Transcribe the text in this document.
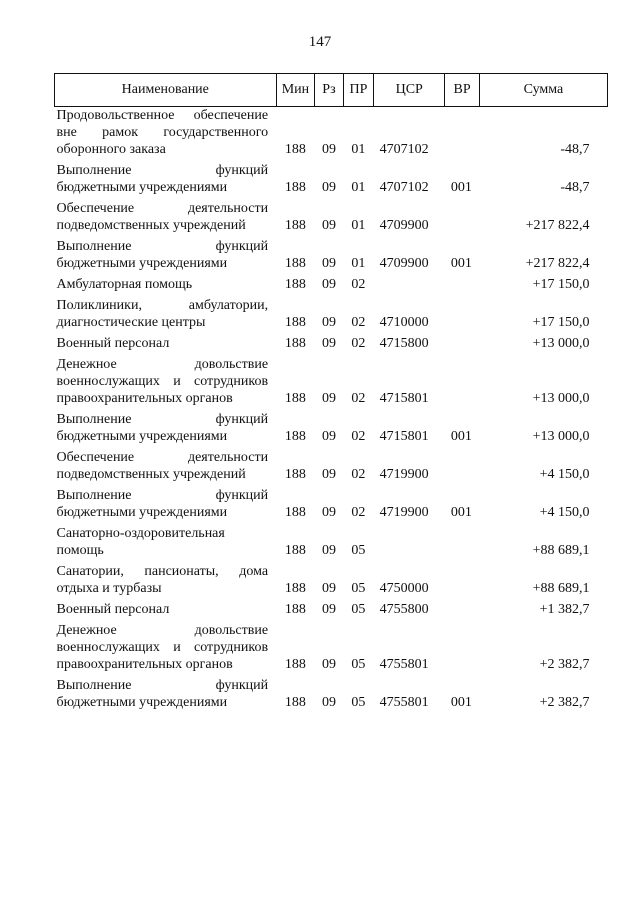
147
Наименование	Мин	Рз	ПР	ЦСР	ВР	Сумма
Продовольственное обеспечение вне рамок государственного оборонного заказа	188	09	01	4707102		-48,7
Выполнение функций бюджетными учреждениями	188	09	01	4707102	001	-48,7
Обеспечение деятельности подведомственных учреждений	188	09	01	4709900		+217 822,4
Выполнение функций бюджетными учреждениями	188	09	01	4709900	001	+217 822,4
Амбулаторная помощь	188	09	02			+17 150,0
Поликлиники, амбулатории, диагностические центры	188	09	02	4710000		+17 150,0
Военный персонал	188	09	02	4715800		+13 000,0
Денежное довольствие военнослужащих и сотрудников правоохранительных органов	188	09	02	4715801		+13 000,0
Выполнение функций бюджетными учреждениями	188	09	02	4715801	001	+13 000,0
Обеспечение деятельности подведомственных учреждений	188	09	02	4719900		+4 150,0
Выполнение функций бюджетными учреждениями	188	09	02	4719900	001	+4 150,0
Санаторно-оздоровительная помощь	188	09	05			+88 689,1
Санатории, пансионаты, дома отдыха и турбазы	188	09	05	4750000		+88 689,1
Военный персонал	188	09	05	4755800		+1 382,7
Денежное довольствие военнослужащих и сотрудников правоохранительных органов	188	09	05	4755801		+2 382,7
Выполнение функций бюджетными учреждениями	188	09	05	4755801	001	+2 382,7
